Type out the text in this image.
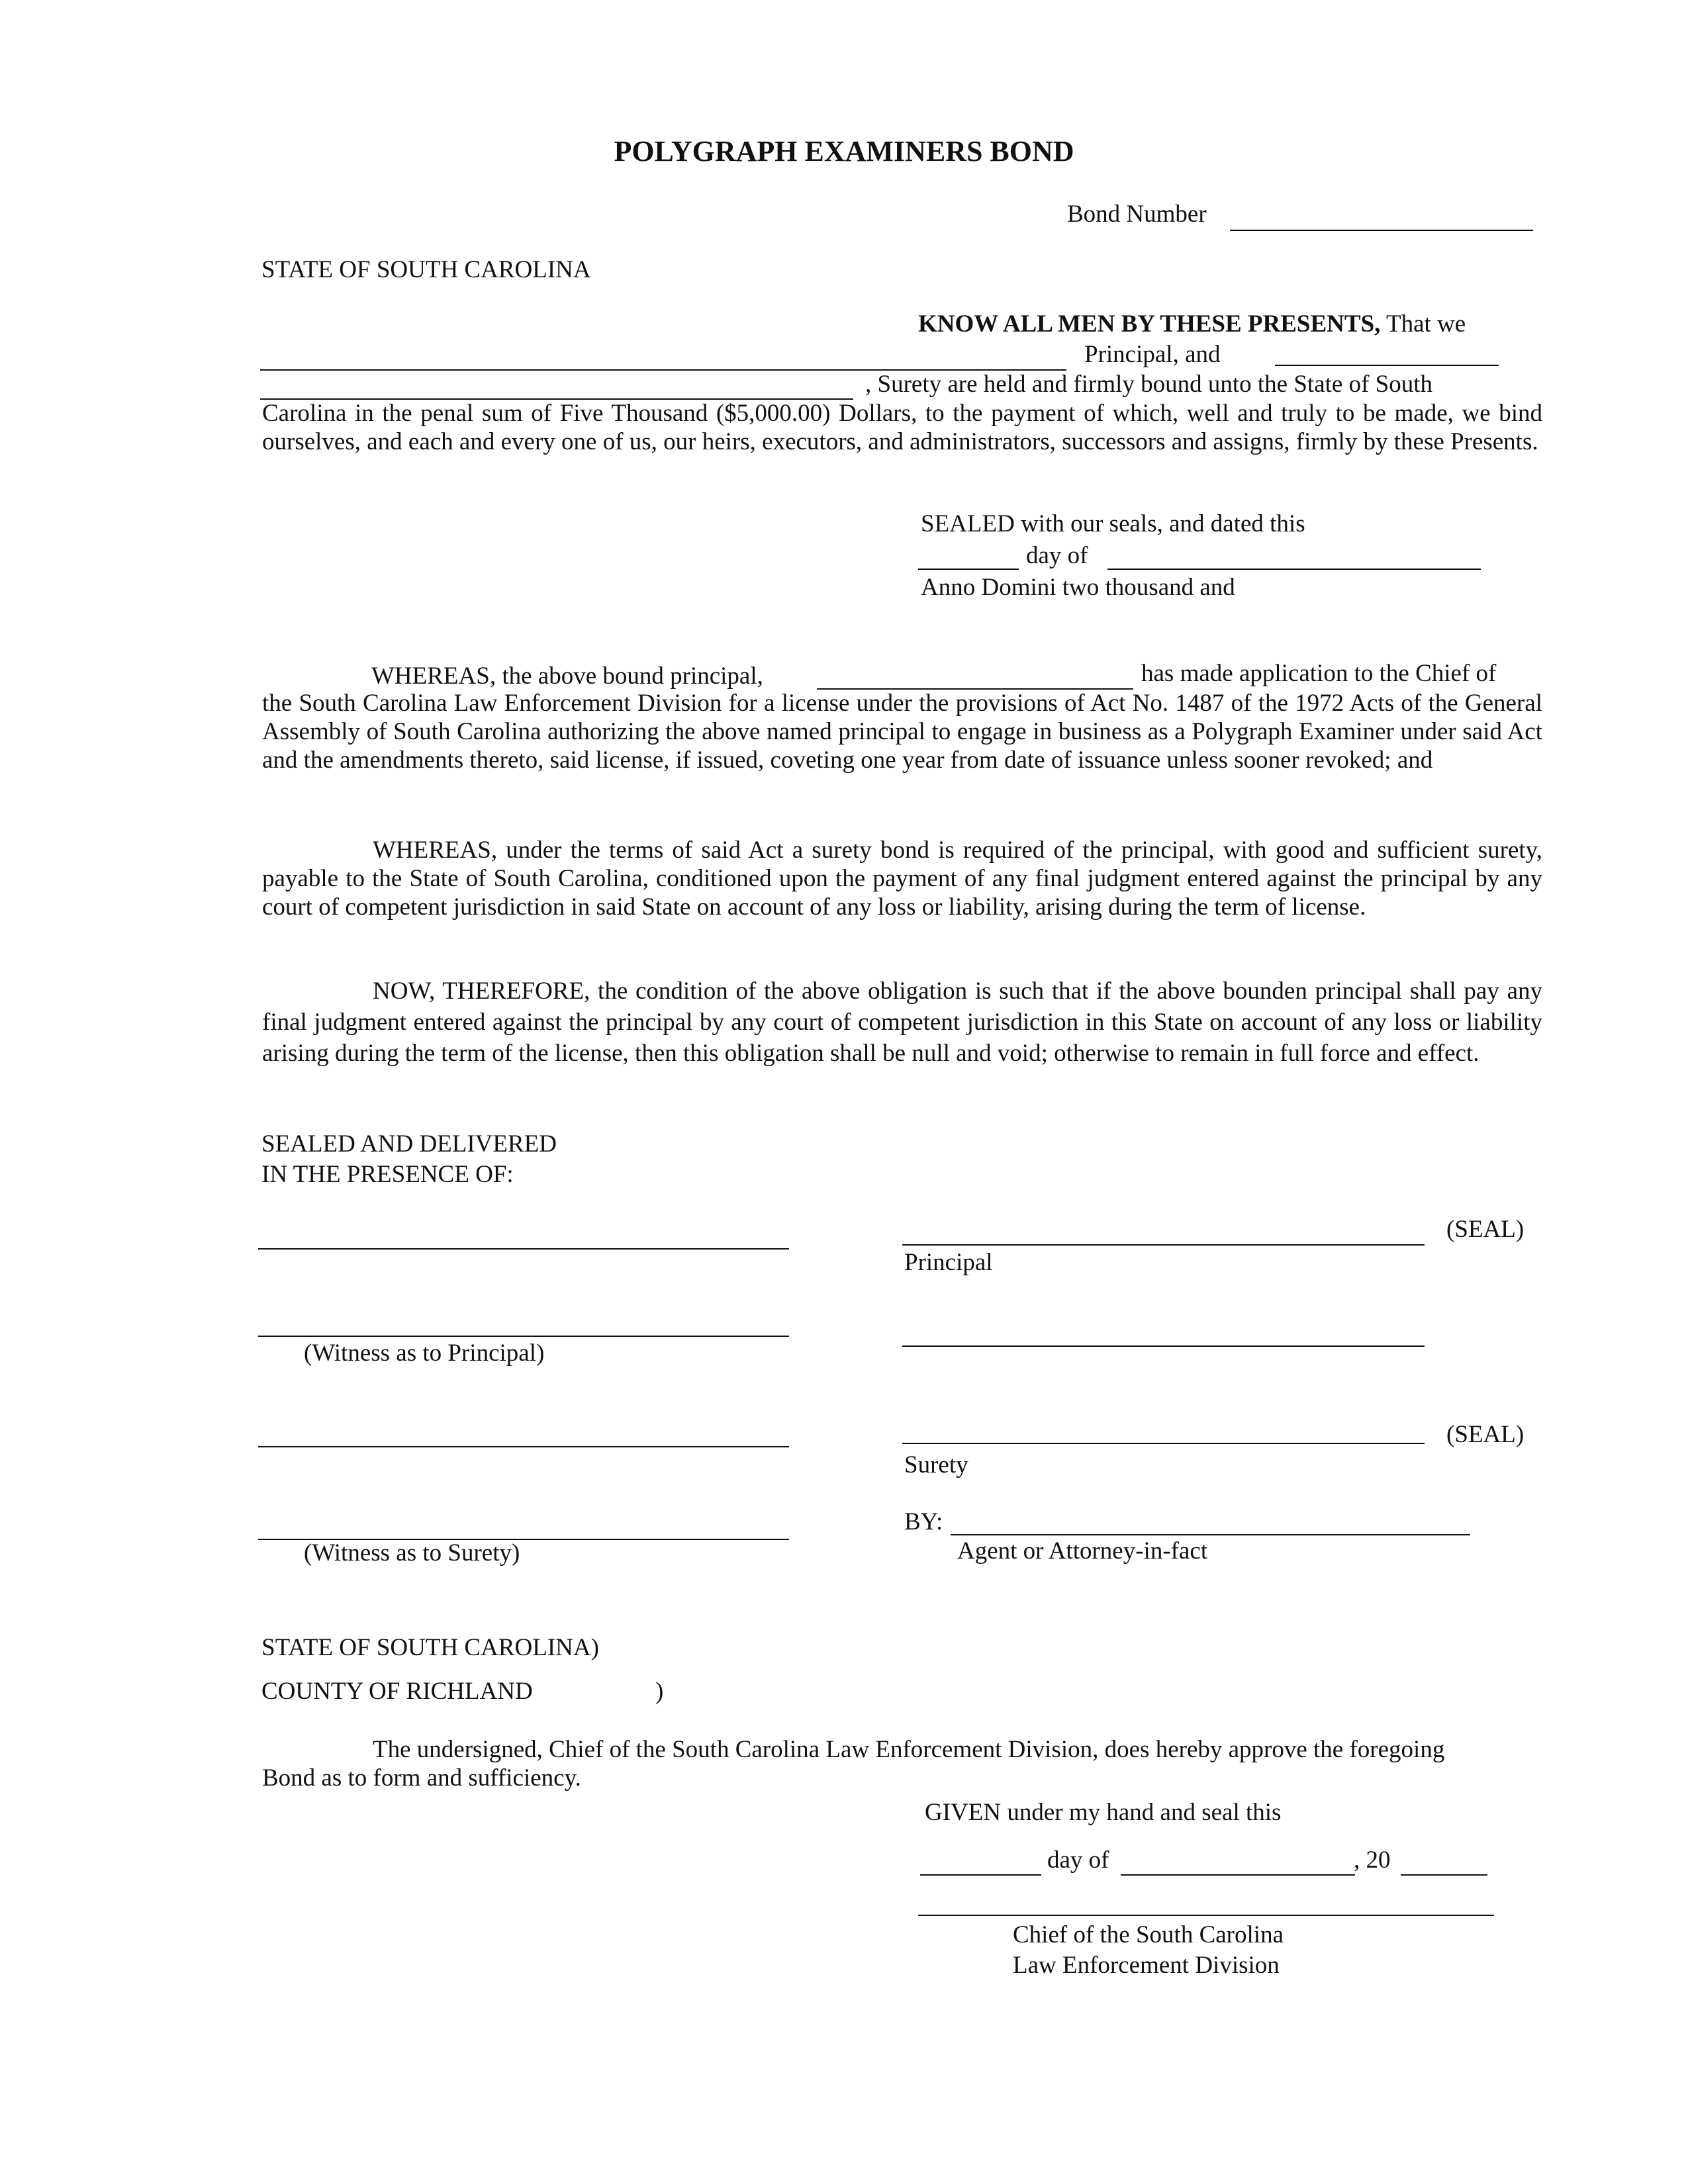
POLYGRAPH EXAMINERS BOND
Bond Number
STATE OF SOUTH CAROLINA
KNOW ALL MEN BY THESE PRESENTS, That we
Principal, and
, Surety are held and firmly bound unto the State of South

Carolina in the penal sum of Five Thousand ($5,000.00) Dollars, to the payment of which, well and truly to be made, we bind ourselves, and each and every one of us, our heirs, executors, and administrators, successors and assigns, firmly by these Presents.

SEALED with our seals, and dated this
day of
Anno Domini two thousand and
WHEREAS, the above bound principal,	has made application to the Chief of

the South Carolina Law Enforcement Division for a license under the provisions of Act No. 1487 of the 1972 Acts of the General Assembly of South Carolina authorizing the above named principal to engage in business as a Polygraph Examiner under said Act and the amendments thereto, said license, if issued, coveting one year from date of issuance unless sooner revoked; and

WHEREAS, under the terms of said Act a surety bond is required of the principal, with good and sufficient surety, payable to the State of South Carolina, conditioned upon the payment of any final judgment entered against the principal by any court of competent jurisdiction in said State on account of any loss or liability, arising during the term of license.

NOW, THEREFORE, the condition of the above obligation is such that if the above bounden principal shall pay any final judgment entered against the principal by any court of competent jurisdiction in this State on account of any loss or liability arising during the term of the license, then this obligation shall be null and void; otherwise to remain in full force and effect.

SEALED AND DELIVERED
IN THE PRESENCE OF:
(SEAL)
Principal
(Witness as to Principal)
(SEAL)
Surety
BY:
Agent or Attorney-in-fact
(Witness as to Surety)
STATE OF SOUTH CAROLINA)
COUNTY OF RICHLAND	)

The undersigned, Chief of the South Carolina Law Enforcement Division, does hereby approve the foregoing Bond as to form and sufficiency.

GIVEN under my hand and seal this
day of	, 20
Chief of the South Carolina
Law Enforcement Division
